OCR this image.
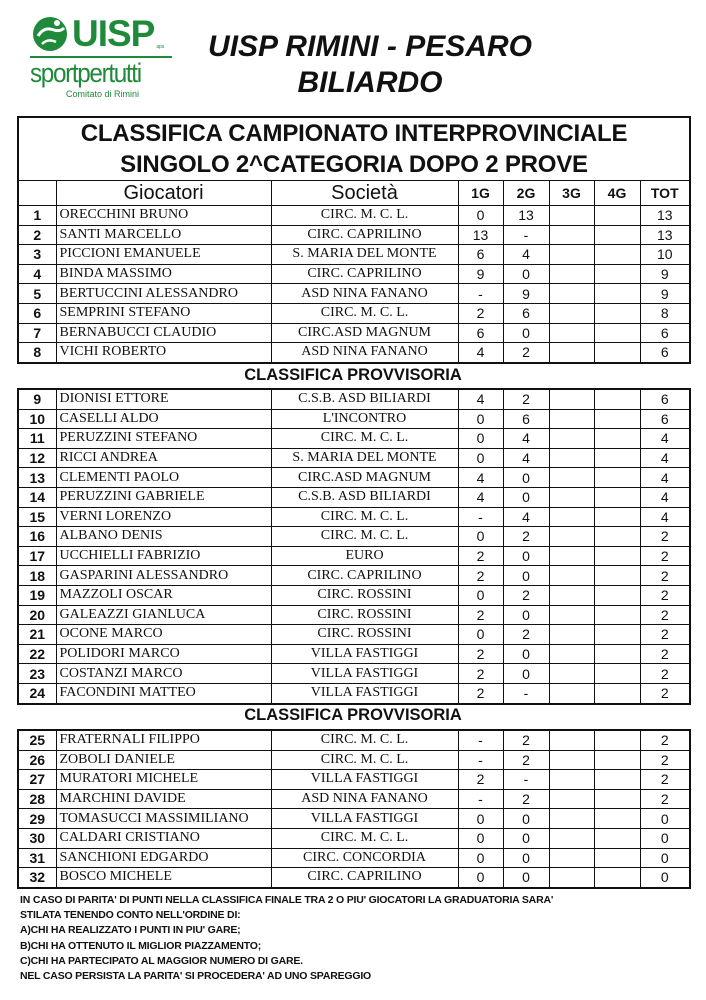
UISP aps
sportpertutti
Comitato di Rimini
UISP RIMINI - PESARO
BILIARDO
CLASSIFICA CAMPIONATO INTERPROVINCIALE
SINGOLO 2^CATEGORIA DOPO 2 PROVE							

	Giocatori	Società	1G	2G	3G	4G	TOT
1	ORECCHINI BRUNO	CIRC. M. C. L.	0	13			13
2	SANTI MARCELLO	CIRC. CAPRILINO	13	-			13
3	PICCIONI EMANUELE	S. MARIA DEL MONTE	6	4			10
4	BINDA MASSIMO	CIRC. CAPRILINO	9	0			9
5	BERTUCCINI ALESSANDRO	ASD NINA FANANO	-	9			9
6	SEMPRINI STEFANO	CIRC. M. C. L.	2	6			8
7	BERNABUCCI CLAUDIO	CIRC.ASD MAGNUM	6	0			6
8	VICHI ROBERTO	ASD NINA FANANO	4	2			6
CLASSIFICA PROVVISORIA
9	DIONISI ETTORE	C.S.B. ASD BILIARDI	4	2			6
10	CASELLI ALDO	L'INCONTRO	0	6			6
11	PERUZZINI STEFANO	CIRC. M. C. L.	0	4			4
12	RICCI ANDREA	S. MARIA DEL MONTE	0	4			4
13	CLEMENTI PAOLO	CIRC.ASD MAGNUM	4	0			4
14	PERUZZINI GABRIELE	C.S.B. ASD BILIARDI	4	0			4
15	VERNI LORENZO	CIRC. M. C. L.	-	4			4
16	ALBANO DENIS	CIRC. M. C. L.	0	2			2
17	UCCHIELLI FABRIZIO	EURO	2	0			2
18	GASPARINI ALESSANDRO	CIRC. CAPRILINO	2	0			2
19	MAZZOLI OSCAR	CIRC. ROSSINI	0	2			2
20	GALEAZZI GIANLUCA	CIRC. ROSSINI	2	0			2
21	OCONE MARCO	CIRC. ROSSINI	0	2			2
22	POLIDORI MARCO	VILLA FASTIGGI	2	0			2
23	COSTANZI MARCO	VILLA FASTIGGI	2	0			2
24	FACONDINI MATTEO	VILLA FASTIGGI	2	-			2
CLASSIFICA PROVVISORIA
25	FRATERNALI FILIPPO	CIRC. M. C. L.	-	2			2
26	ZOBOLI DANIELE	CIRC. M. C. L.	-	2			2
27	MURATORI MICHELE	VILLA FASTIGGI	2	-			2
28	MARCHINI DAVIDE	ASD NINA FANANO	-	2			2
29	TOMASUCCI MASSIMILIANO	VILLA FASTIGGI	0	0			0
30	CALDARI CRISTIANO	CIRC. M. C. L.	0	0			0
31	SANCHIONI EDGARDO	CIRC. CONCORDIA	0	0			0
32	BOSCO MICHELE	CIRC. CAPRILINO	0	0			0
IN CASO DI PARITA' DI PUNTI NELLA CLASSIFICA FINALE TRA 2 O PIU' GIOCATORI LA GRADUATORIA SARA'
STILATA TENENDO CONTO NELL'ORDINE DI:
A)CHI HA REALIZZATO I PUNTI IN PIU' GARE;
B)CHI HA OTTENUTO IL MIGLIOR PIAZZAMENTO;
C)CHI HA PARTECIPATO AL MAGGIOR NUMERO DI GARE.
NEL CASO PERSISTA LA PARITA' SI PROCEDERA' AD UNO SPAREGGIO
